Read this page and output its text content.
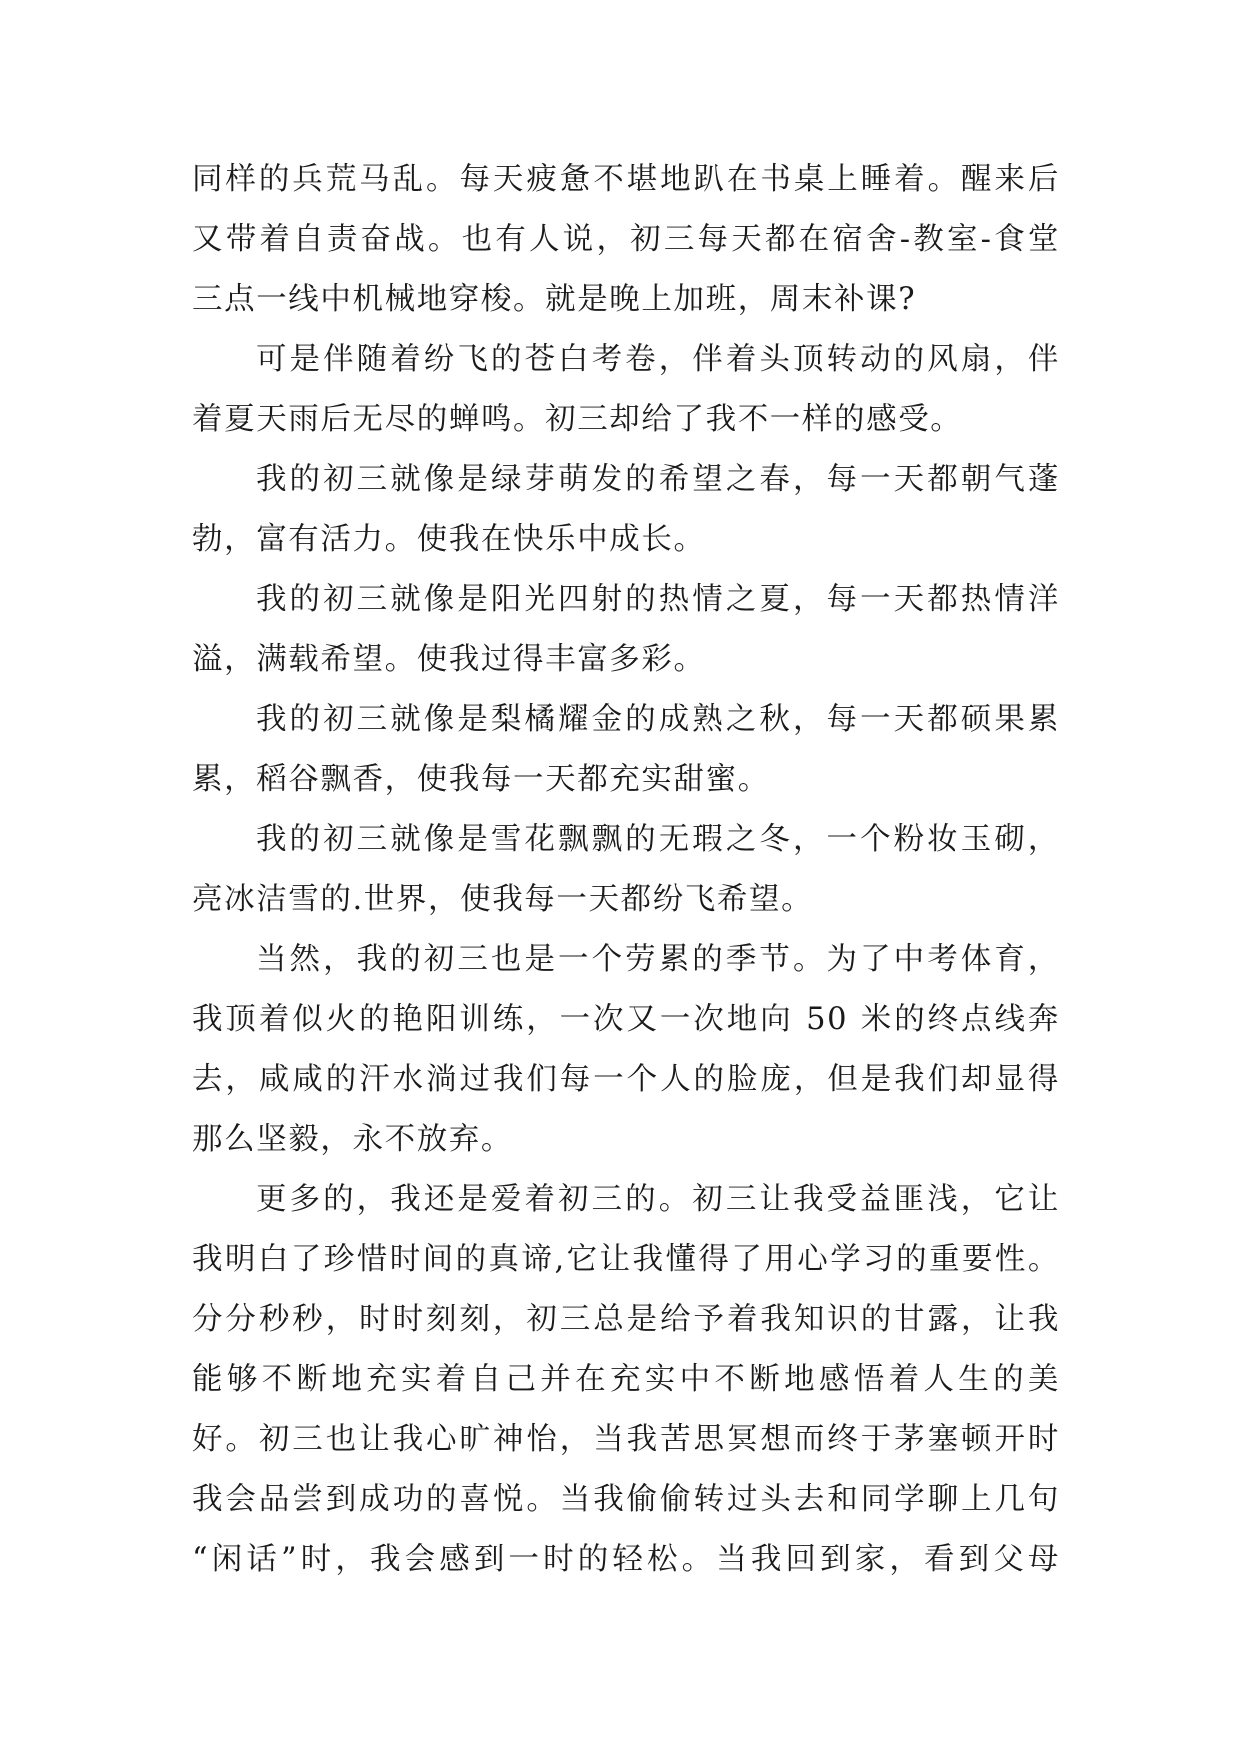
同样的兵荒马乱。每天疲惫不堪地趴在书桌上睡着。醒来后
又带着自责奋战。也有人说，初三每天都在宿舍-教室-食堂
三点一线中机械地穿梭。就是晚上加班，周末补课?
可是伴随着纷飞的苍白考卷，伴着头顶转动的风扇，伴
着夏天雨后无尽的蝉鸣。初三却给了我不一样的感受。
我的初三就像是绿芽萌发的希望之春，每一天都朝气蓬
勃，富有活力。使我在快乐中成长。
我的初三就像是阳光四射的热情之夏，每一天都热情洋
溢，满载希望。使我过得丰富多彩。
我的初三就像是梨橘耀金的成熟之秋，每一天都硕果累
累，稻谷飘香，使我每一天都充实甜蜜。
我的初三就像是雪花飘飘的无瑕之冬，一个粉妆玉砌，
亮冰洁雪的.世界，使我每一天都纷飞希望。
当然，我的初三也是一个劳累的季节。为了中考体育，
我顶着似火的艳阳训练，一次又一次地向 50 米的终点线奔
去，咸咸的汗水淌过我们每一个人的脸庞，但是我们却显得
那么坚毅，永不放弃。
更多的，我还是爱着初三的。初三让我受益匪浅，它让
我明白了珍惜时间的真谛,它让我懂得了用心学习的重要性。
分分秒秒，时时刻刻，初三总是给予着我知识的甘露，让我
能够不断地充实着自己并在充实中不断地感悟着人生的美
好。初三也让我心旷神怡，当我苦思冥想而终于茅塞顿开时
我会品尝到成功的喜悦。当我偷偷转过头去和同学聊上几句
“闲话”时，我会感到一时的轻松。当我回到家，看到父母
